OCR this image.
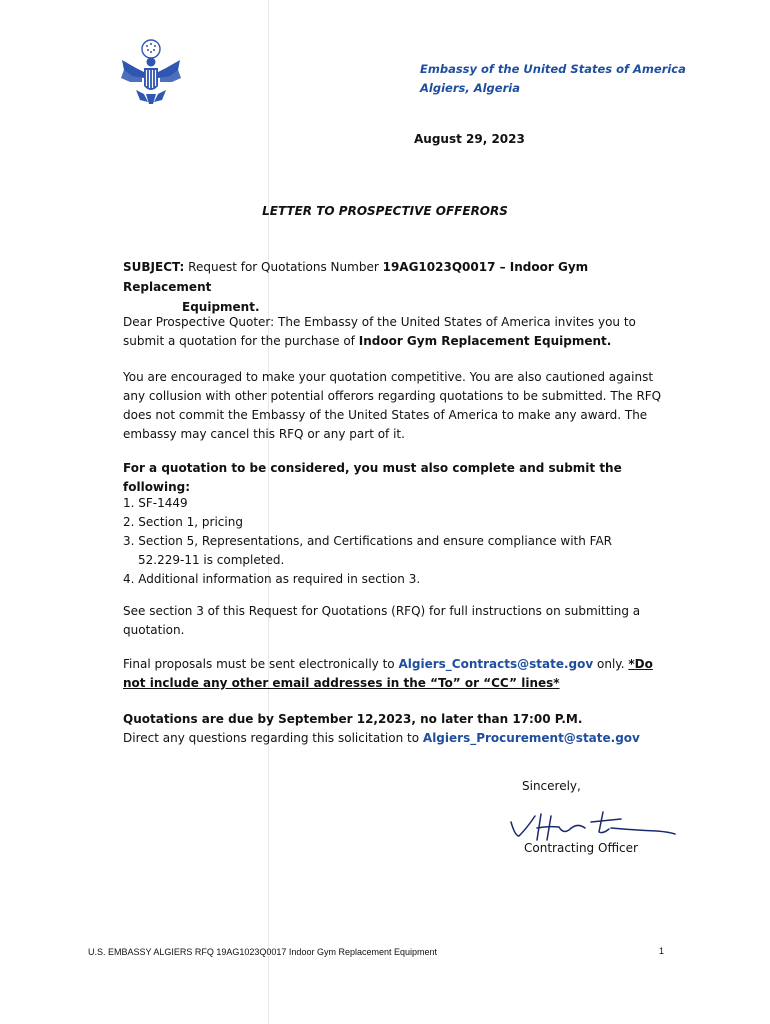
Embassy of the United States of America
Algiers, Algeria
August 29, 2023
LETTER TO PROSPECTIVE OFFERORS
SUBJECT: Request for Quotations Number 19AG1023Q0017 – Indoor Gym Replacement
Equipment.
Dear Prospective Quoter: The Embassy of the United States of America invites you to submit a quotation for the purchase of Indoor Gym Replacement Equipment.
You are encouraged to make your quotation competitive. You are also cautioned against any collusion with other potential offerors regarding quotations to be submitted. The RFQ does not commit the Embassy of the United States of America to make any award. The embassy may cancel this RFQ or any part of it.
For a quotation to be considered, you must also complete and submit the following:
1. SF-1449
2. Section 1, pricing
3. Section 5, Representations, and Certifications and ensure compliance with FAR
52.229-11 is completed.
4. Additional information as required in section 3.
See section 3 of this Request for Quotations (RFQ) for full instructions on submitting a quotation.
Final proposals must be sent electronically to Algiers_Contracts@state.gov only. *Do
not include any other email addresses in the “To” or “CC” lines*
Quotations are due by September 12,2023, no later than 17:00 P.M.
Direct any questions regarding this solicitation to Algiers_Procurement@state.gov
Sincerely,
Contracting Officer
U.S. EMBASSY ALGIERS RFQ 19AG1023Q0017 Indoor Gym Replacement Equipment	1
